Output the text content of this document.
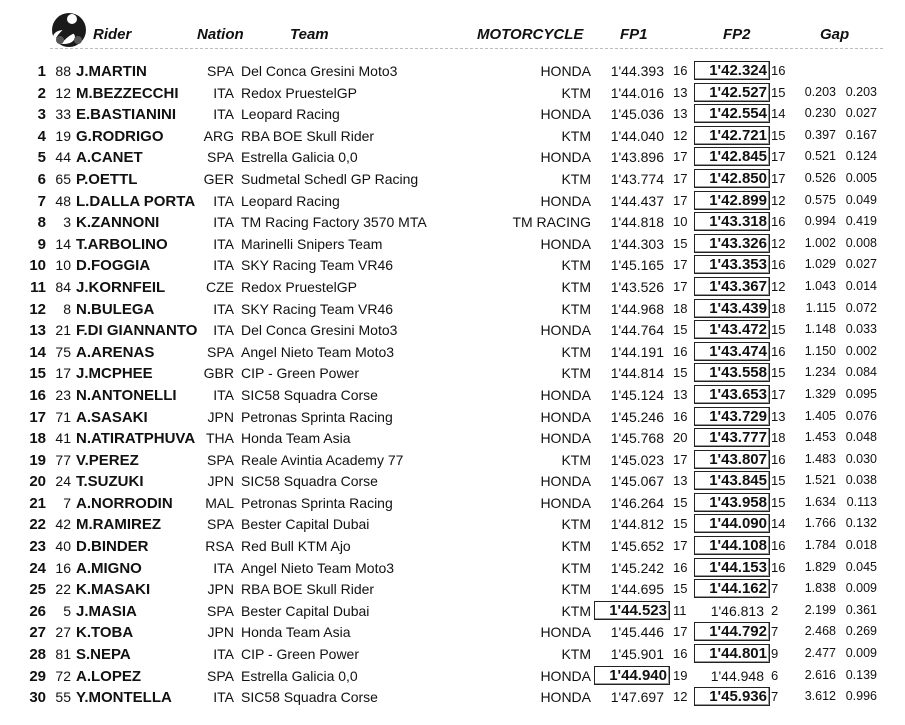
Rider	Nation	Team	MOTORCYCLE FP1	FP2	Gap
1 88 J.MARTIN	SPA Del Conca Gresini Moto3	HONDA	1'44.393 16	1'42.324 16
2 12 M.BEZZECCHI	ITA Redox PruestelGP	KTM	1'44.016 13	1'42.527 15	0.203 0.203
3 33 E.BASTIANINI	ITA Leopard Racing	HONDA	1'45.036 13	1'42.554 14	0.230 0.027
4 19 G.RODRIGO	ARG RBA BOE Skull Rider	KTM	1'44.040 12	1'42.721 15	0.397 0.167
5 44 A.CANET	SPA Estrella Galicia 0,0	HONDA	1'43.896 17	1'42.845 17	0.521 0.124
6 65 P.OETTL	GER Sudmetal Schedl GP Racing	KTM	1'43.774 17	1'42.850 17	0.526 0.005
7 48 L.DALLA PORTA	ITA Leopard Racing	HONDA	1'44.437 17	1'42.899 12	0.575 0.049
8	3 K.ZANNONI	ITA TM Racing Factory 3570 MTA	TM RACING	1'44.818 10	1'43.318 16	0.994 0.419
9 14 T.ARBOLINO	ITA Marinelli Snipers Team	HONDA	1'44.303 15	1'43.326 12	1.002 0.008
10 10 D.FOGGIA	ITA SKY Racing Team VR46	KTM	1'45.165 17	1'43.353 16	1.029 0.027
11 84 J.KORNFEIL	CZE Redox PruestelGP	KTM	1'43.526 17	1'43.367 12	1.043 0.014
12	8 N.BULEGA	ITA SKY Racing Team VR46	KTM	1'44.968 18	1'43.439 18	1.115 0.072
13 21 F.DI GIANNANTO	ITA Del Conca Gresini Moto3	HONDA	1'44.764 15	1'43.472 15	1.148 0.033
14 75 A.ARENAS	SPA Angel Nieto Team Moto3	KTM	1'44.191 16	1'43.474 16	1.150 0.002
15 17 J.MCPHEE	GBR CIP - Green Power	KTM	1'44.814 15	1'43.558 15	1.234 0.084
16 23 N.ANTONELLI	ITA SIC58 Squadra Corse	HONDA	1'45.124 13	1'43.653 17	1.329 0.095
17 71 A.SASAKI	JPN Petronas Sprinta Racing	HONDA	1'45.246 16	1'43.729 13	1.405 0.076
18 41 N.ATIRATPHUVA THA Honda Team Asia	HONDA	1'45.768 20	1'43.777 18	1.453 0.048
19 77 V.PEREZ	SPA Reale Avintia Academy 77	KTM	1'45.023 17	1'43.807 16	1.483 0.030
20 24 T.SUZUKI	JPN SIC58 Squadra Corse	HONDA	1'45.067 13	1'43.845 15	1.521 0.038
21	7 A.NORRODIN	MAL Petronas Sprinta Racing	HONDA	1'46.264 15	1'43.958 15	1.634 0.113
22 42 M.RAMIREZ	SPA Bester Capital Dubai	KTM	1'44.812 15	1'44.090 14	1.766 0.132
23 40 D.BINDER	RSA Red Bull KTM Ajo	KTM	1'45.652 17	1'44.108 16	1.784 0.018
24 16 A.MIGNO	ITA Angel Nieto Team Moto3	KTM	1'45.242 16	1'44.153 16	1.829 0.045
25 22 K.MASAKI	JPN RBA BOE Skull Rider	KTM	1'44.695 15	1'44.162 7	1.838 0.009
26	5 J.MASIA	SPA Bester Capital Dubai	KTM	1'44.523 11	1'46.813 2	2.199 0.361
27 27 K.TOBA	JPN Honda Team Asia	HONDA	1'45.446 17	1'44.792 7	2.468 0.269
28 81 S.NEPA	ITA CIP - Green Power	KTM	1'45.901 16	1'44.801 9	2.477 0.009
29 72 A.LOPEZ	SPA Estrella Galicia 0,0	HONDA	1'44.940 19	1'44.948 6	2.616 0.139
30 55 Y.MONTELLA	ITA SIC58 Squadra Corse	HONDA	1'47.697 12	1'45.936 7	3.612 0.996
